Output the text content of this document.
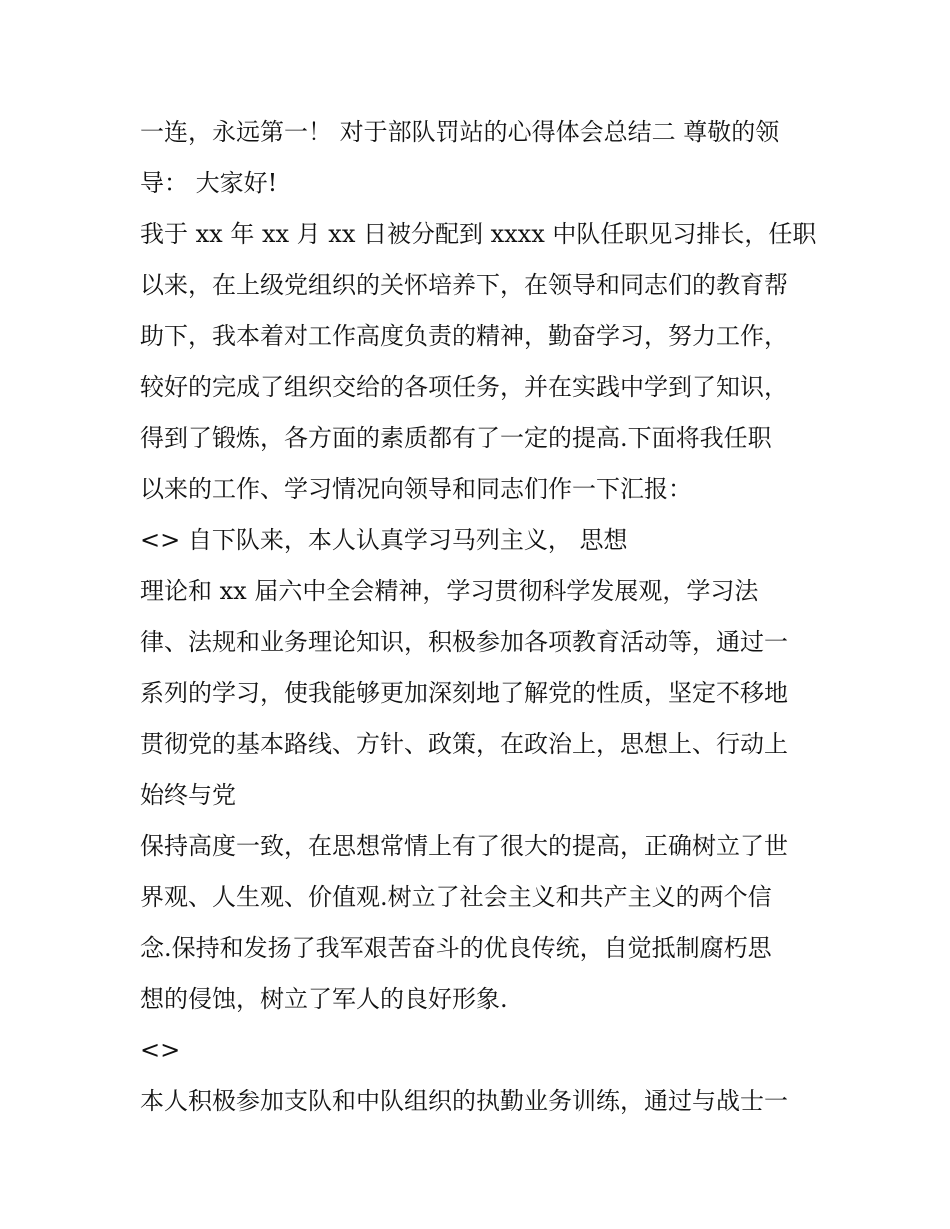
一连，永远第一！ 对于部队罚站的心得体会总结二 尊敬的领
导： 大家好!
我于 xx 年 xx 月 xx 日被分配到 xxxx 中队任职见习排长，任职
以来，在上级党组织的关怀培养下，在领导和同志们的教育帮
助下，我本着对工作高度负责的精神，勤奋学习，努力工作，
较好的完成了组织交给的各项任务，并在实践中学到了知识，
得到了锻炼，各方面的素质都有了一定的提高.下面将我任职
以来的工作、学习情况向领导和同志们作一下汇报：
<> 自下队来，本人认真学习马列主义， 思想
理论和 xx 届六中全会精神，学习贯彻科学发展观，学习法
律、法规和业务理论知识，积极参加各项教育活动等，通过一
系列的学习，使我能够更加深刻地了解党的性质，坚定不移地
贯彻党的基本路线、方针、政策，在政治上，思想上、行动上
始终与党
保持高度一致，在思想常情上有了很大的提高，正确树立了世
界观、人生观、价值观.树立了社会主义和共产主义的两个信
念.保持和发扬了我军艰苦奋斗的优良传统，自觉抵制腐朽思
想的侵蚀，树立了军人的良好形象.
<>
本人积极参加支队和中队组织的执勤业务训练，通过与战士一
